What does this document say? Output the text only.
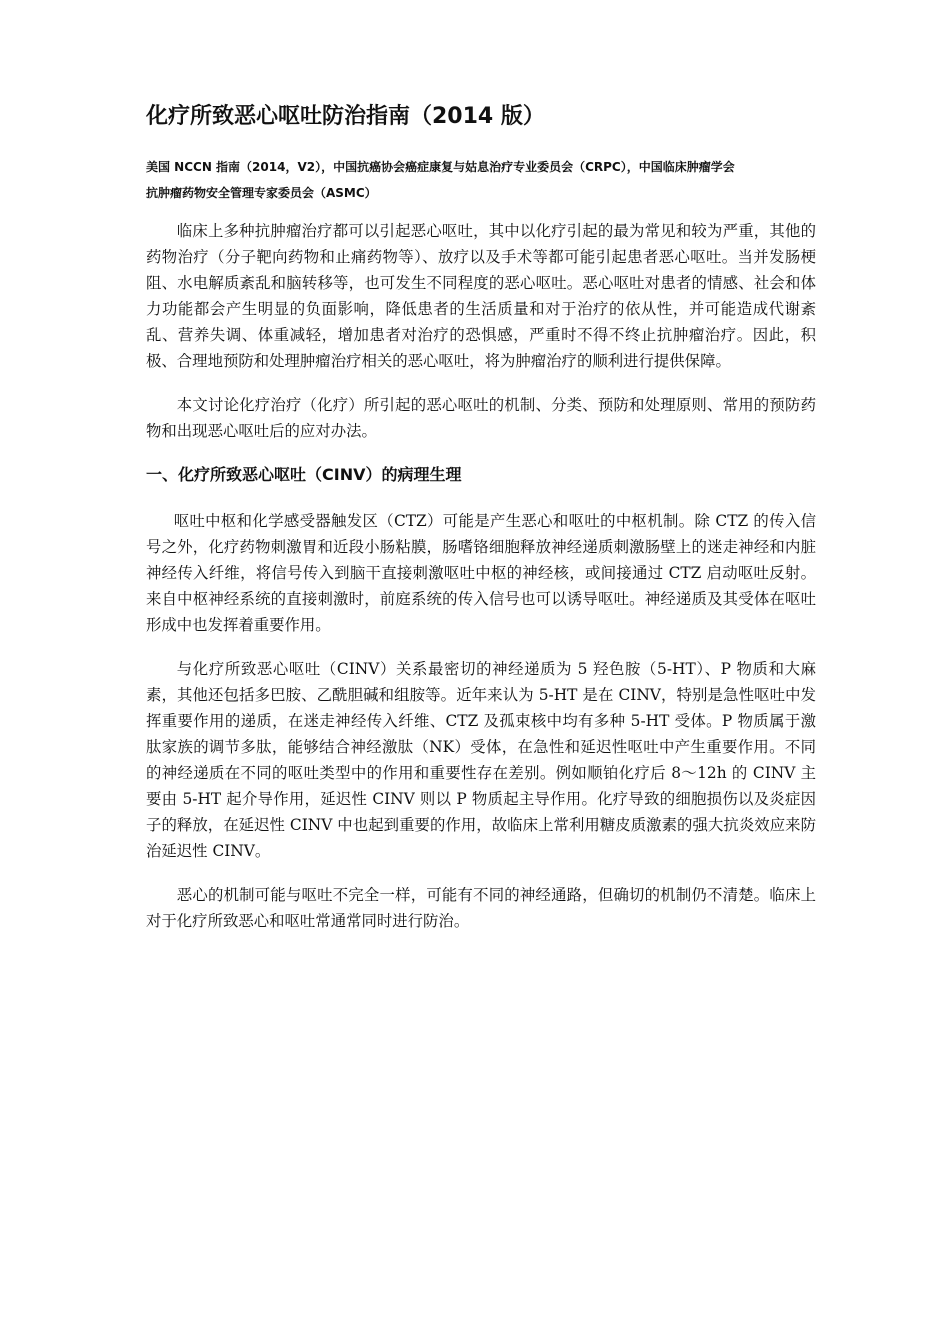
化疗所致恶心呕吐防治指南（2014 版）
美国 NCCN 指南（2014，V2），中国抗癌协会癌症康复与姑息治疗专业委员会（CRPC），中国临床肿瘤学会
抗肿瘤药物安全管理专家委员会（ASMC）

临床上多种抗肿瘤治疗都可以引起恶心呕吐，其中以化疗引起的最为常见和较为严重，其他的药物治疗（分子靶向药物和止痛药物等）、放疗以及手术等都可能引起患者恶心呕吐。当并发肠梗阻、水电解质紊乱和脑转移等，也可发生不同程度的恶心呕吐。恶心呕吐对患者的情感、社会和体力功能都会产生明显的负面影响，降低患者的生活质量和对于治疗的依从性，并可能造成代谢紊乱、营养失调、体重减轻，增加患者对治疗的恐惧感，严重时不得不终止抗肿瘤治疗。因此，积极、合理地预防和处理肿瘤治疗相关的恶心呕吐，将为肿瘤治疗的顺利进行提供保障。

本文讨论化疗治疗（化疗）所引起的恶心呕吐的机制、分类、预防和处理原则、常用的预防药物和出现恶心呕吐后的应对办法。

一、化疗所致恶心呕吐（CINV）的病理生理

呕吐中枢和化学感受器触发区（CTZ）可能是产生恶心和呕吐的中枢机制。除 CTZ 的传入信号之外，化疗药物刺激胃和近段小肠粘膜，肠嗜铬细胞释放神经递质刺激肠壁上的迷走神经和内脏神经传入纤维，将信号传入到脑干直接刺激呕吐中枢的神经核，或间接通过 CTZ 启动呕吐反射。来自中枢神经系统的直接刺激时，前庭系统的传入信号也可以诱导呕吐。神经递质及其受体在呕吐形成中也发挥着重要作用。

与化疗所致恶心呕吐（CINV）关系最密切的神经递质为 5 羟色胺（5-HT）、P 物质和大麻素，其他还包括多巴胺、乙酰胆碱和组胺等。近年来认为 5-HT 是在 CINV，特别是急性呕吐中发挥重要作用的递质，在迷走神经传入纤维、CTZ 及孤束核中均有多种 5-HT 受体。P 物质属于激肽家族的调节多肽，能够结合神经激肽（NK）受体，在急性和延迟性呕吐中产生重要作用。不同的神经递质在不同的呕吐类型中的作用和重要性存在差别。例如顺铂化疗后 8～12h 的 CINV 主要由 5-HT 起介导作用，延迟性 CINV 则以 P 物质起主导作用。化疗导致的细胞损伤以及炎症因子的释放，在延迟性 CINV 中也起到重要的作用，故临床上常利用糖皮质激素的强大抗炎效应来防治延迟性 CINV。

恶心的机制可能与呕吐不完全一样，可能有不同的神经通路，但确切的机制仍不清楚。临床上对于化疗所致恶心和呕吐常通常同时进行防治。
